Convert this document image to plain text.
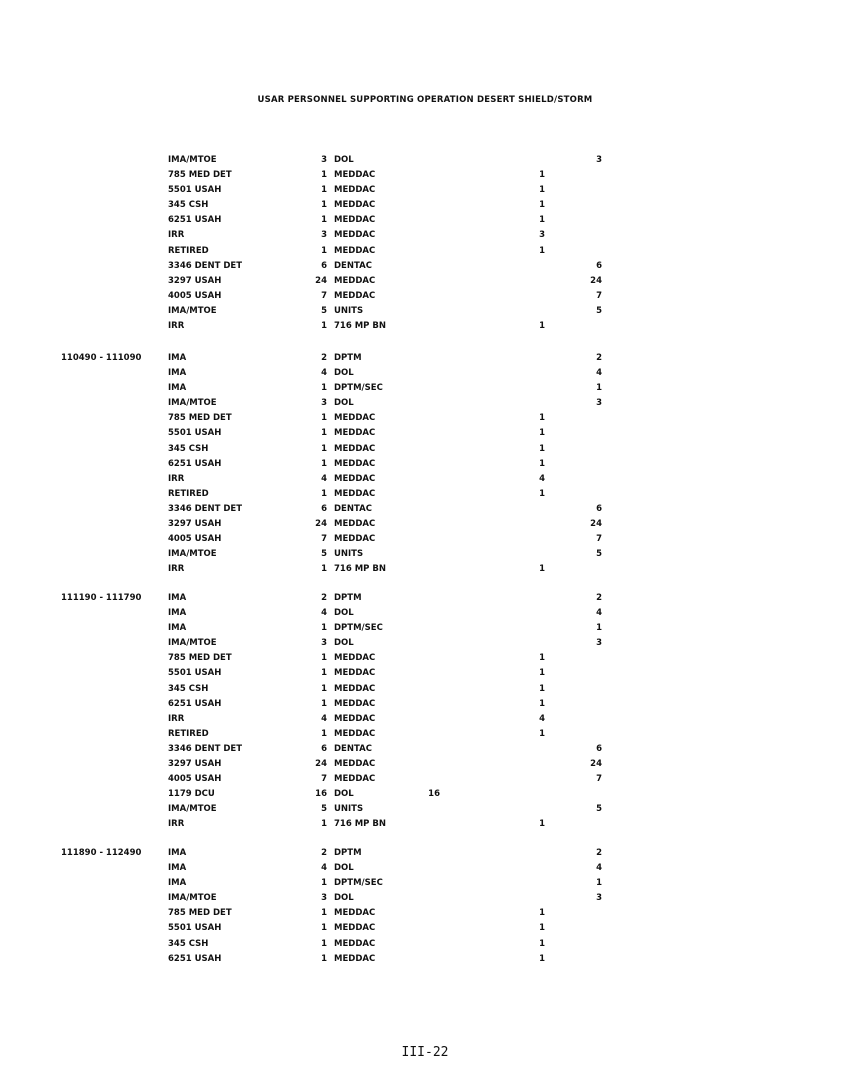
USAR PERSONNEL SUPPORTING OPERATION DESERT SHIELD/STORM
IMA/MTOE	3 DOL	3
785 MED DET	1 MEDDAC	1
5501 USAH	1 MEDDAC	1
345 CSH	1 MEDDAC	1
6251 USAH	1 MEDDAC	1
IRR	3 MEDDAC	3
RETIRED	1 MEDDAC	1
3346 DENT DET	6 DENTAC	6
3297 USAH	24 MEDDAC	24
4005 USAH	7 MEDDAC	7
IMA/MTOE	5 UNITS	5
IRR	1 716 MP BN	1
110490 - 111090	IMA	2 DPTM	2
IMA	4 DOL	4
IMA	1 DPTM/SEC	1
IMA/MTOE	3 DOL	3
785 MED DET	1 MEDDAC	1
5501 USAH	1 MEDDAC	1
345 CSH	1 MEDDAC	1
6251 USAH	1 MEDDAC	1
IRR	4 MEDDAC	4
RETIRED	1 MEDDAC	1
3346 DENT DET	6 DENTAC	6
3297 USAH	24 MEDDAC	24
4005 USAH	7 MEDDAC	7
IMA/MTOE	5 UNITS	5
IRR	1 716 MP BN	1
111190 - 111790	IMA	2 DPTM	2
IMA	4 DOL	4
IMA	1 DPTM/SEC	1
IMA/MTOE	3 DOL	3
785 MED DET	1 MEDDAC	1
5501 USAH	1 MEDDAC	1
345 CSH	1 MEDDAC	1
6251 USAH	1 MEDDAC	1
IRR	4 MEDDAC	4
RETIRED	1 MEDDAC	1
3346 DENT DET	6 DENTAC	6
3297 USAH	24 MEDDAC	24
4005 USAH	7 MEDDAC	7
1179 DCU	16 DOL	16
IMA/MTOE	5 UNITS	5
IRR	1 716 MP BN	1
111890 - 112490	IMA	2 DPTM	2
IMA	4 DOL	4
IMA	1 DPTM/SEC	1
IMA/MTOE	3 DOL	3
785 MED DET	1 MEDDAC	1
5501 USAH	1 MEDDAC	1
345 CSH	1 MEDDAC	1
6251 USAH	1 MEDDAC	1
III-22
